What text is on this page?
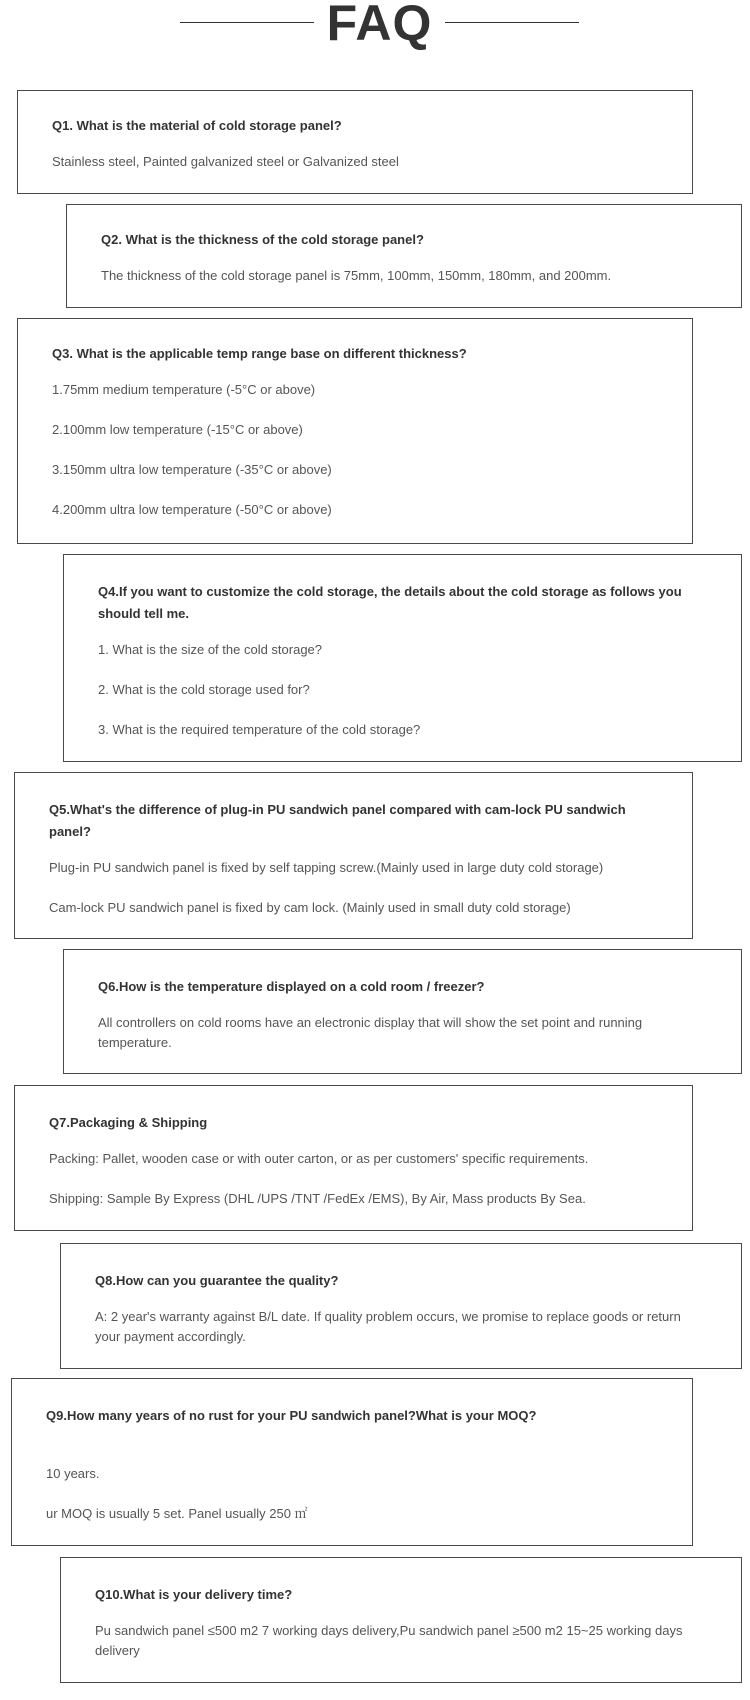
FAQ

Q1. What is the material of cold storage panel?

Stainless steel, Painted galvanized steel or Galvanized steel

Q2. What is the thickness of the cold storage panel?

The thickness of the cold storage panel is 75mm, 100mm, 150mm, 180mm, and 200mm.

Q3. What is the applicable temp range base on different thickness?

1.75mm medium temperature (-5°C or above)

2.100mm low temperature (-15°C or above)

3.150mm ultra low temperature (-35°C or above)

4.200mm ultra low temperature (-50°C or above)

Q4.If you want to customize the cold storage, the details about the cold storage as follows you should tell me.

1. What is the size of the cold storage?

2. What is the cold storage used for?

3. What is the required temperature of the cold storage?

Q5.What's the difference of plug-in PU sandwich panel compared with cam-lock PU sandwich panel?

Plug-in PU sandwich panel is fixed by self tapping screw.(Mainly used in large duty cold storage)

Cam-lock PU sandwich panel is fixed by cam lock. (Mainly used in small duty cold storage)

Q6.How is the temperature displayed on a cold room / freezer?

All controllers on cold rooms have an electronic display that will show the set point and running temperature.

Q7.Packaging & Shipping

Packing: Pallet, wooden case or with outer carton, or as per customers' specific requirements.

Shipping: Sample By Express (DHL /UPS /TNT /FedEx /EMS), By Air, Mass products By Sea.

Q8.How can you guarantee the quality?

A: 2 year's warranty against B/L date. If quality problem occurs, we promise to replace goods or return your payment accordingly.

Q9.How many years of no rust for your PU sandwich panel?What is your MOQ?

10 years.

ur MOQ is usually 5 set. Panel usually 250 ㎡

Q10.What is your delivery time?

Pu sandwich panel ≤500 m2 7 working days delivery,Pu sandwich panel ≥500 m2 15~25 working days delivery
